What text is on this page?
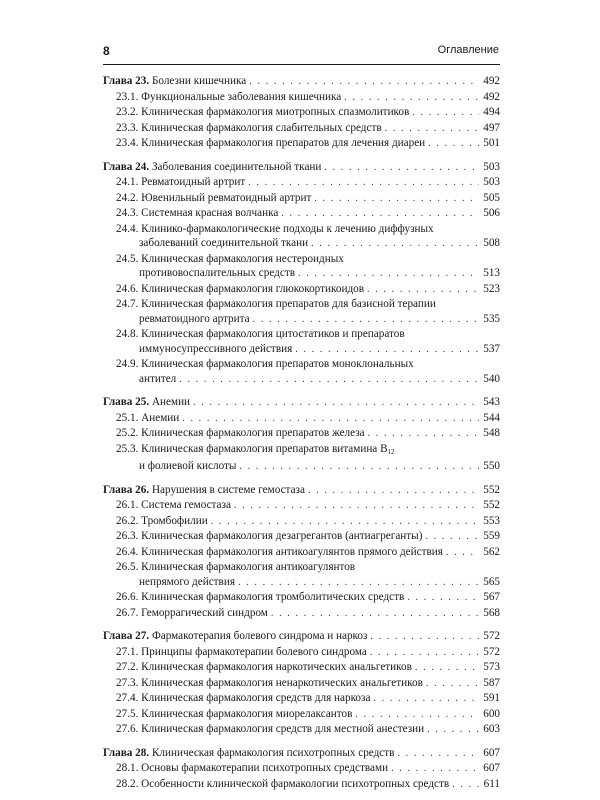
8	Оглавление
Глава 23. Болезни кишечника . . .	492
23.1. Функциональные заболевания кишечника . . .	492
23.2. Клиническая фармакология миотропных спазмолитиков . . .	494
23.3. Клиническая фармакология слабительных средств . . .	497
23.4. Клиническая фармакология препаратов для лечения диареи . . .	501
Глава 24. Заболевания соединительной ткани . . .	503
24.1. Ревматоидный артрит . . .	503
24.2. Ювенильный ревматоидный артрит . . .	505
24.3. Системная красная волчанка . . .	506
24.4. Клинико-фармакологические подходы к лечению диффузных
заболеваний соединительной ткани . . .	508
24.5. Клиническая фармакология нестероидных
противовоспалительных средств . . .	513
24.6. Клиническая фармакология глюкокортикоидов . . .	523
24.7. Клиническая фармакология препаратов для базисной терапии
ревматоидного артрита . . .	535
24.8. Клиническая фармакология цитостатиков и препаратов
иммуносупрессивного действия . . .	537
24.9. Клиническая фармакология препаратов моноклональных
антител . . .	540
Глава 25. Анемии . . .	543
25.1. Анемии . . .	544
25.2. Клиническая фармакология препаратов железа . . .	548
25.3. Клиническая фармакология препаратов витамина $B_{12}$
и фолиевой кислоты . . .	550
Глава 26. Нарушения в системе гемостаза . . .	552
26.1. Система гемостаза . . .	552
26.2. Тромбофилии . . .	553
26.3. Клиническая фармакология дезагрегантов (антиагреганты) . . .	559
26.4. Клиническая фармакология антикоагулянтов прямого действия . . .	562
26.5. Клиническая фармакология антикоагулянтов
непрямого действия . . .	565
26.6. Клиническая фармакология тромболитических средств . . .	567
26.7. Геморрагический синдром . . .	568
Глава 27. Фармакотерапия болевого синдрома и наркоз . . .	572
27.1. Принципы фармакотерапии болевого синдрома . . .	572
27.2. Клиническая фармакология наркотических анальгетиков . . .	573
27.3. Клиническая фармакология ненаркотических анальгетиков . . .	587
27.4. Клиническая фармакология средств для наркоза . . .	591
27.5. Клиническая фармакология миорелаксантов . . .	600
27.6. Клиническая фармакология средств для местной анестезии . . .	603
Глава 28. Клиническая фармакология психотропных средств . . .	607
28.1. Основы фармакотерапии психотропных средствами . . .	607
28.2. Особенности клинической фармакологии психотропных средств . . .	611
